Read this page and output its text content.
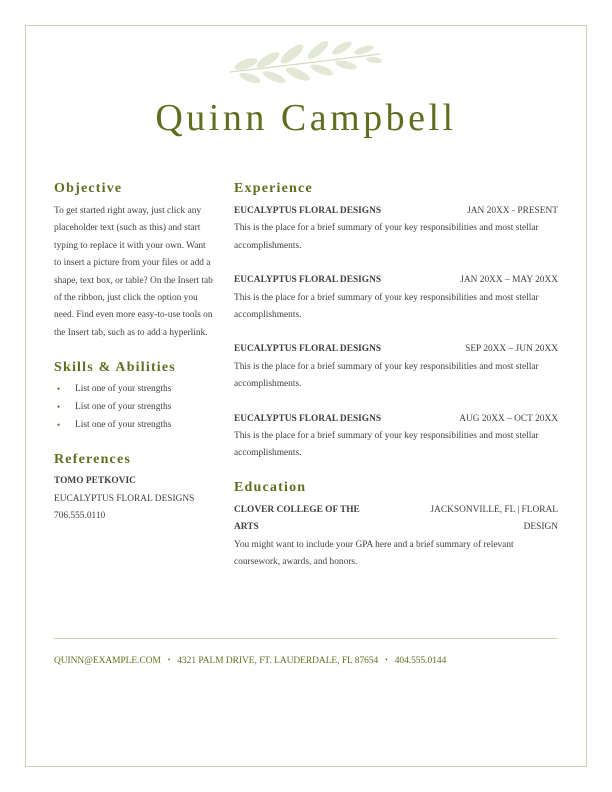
Quinn Campbell
Objective

To get started right away, just click any placeholder text (such as this) and start typing to replace it with your own. Want to insert a picture from your files or add a shape, text box, or table? On the Insert tab of the ribbon, just click the option you need. Find even more easy-to-use tools on the Insert tab, such as to add a hyperlink.

Skills & Abilities
• List one of your strengths
• List one of your strengths
• List one of your strengths
References
TOMO PETKOVIC
EUCALYPTUS FLORAL DESIGNS
706.555.0110
Experience
EUCALYPTUS FLORAL DESIGNS	JAN 20XX - PRESENT

This is the place for a brief summary of your key responsibilities and most stellar accomplishments.

EUCALYPTUS FLORAL DESIGNS	JAN 20XX – MAY 20XX

This is the place for a brief summary of your key responsibilities and most stellar accomplishments.

EUCALYPTUS FLORAL DESIGNS	SEP 20XX – JUN 20XX

This is the place for a brief summary of your key responsibilities and most stellar accomplishments.

EUCALYPTUS FLORAL DESIGNS	AUG 20XX – OCT 20XX

This is the place for a brief summary of your key responsibilities and most stellar accomplishments.

Education
CLOVER COLLEGE OF THE ARTS
JACKSONVILLE, FL | FLORAL DESIGN

You might want to include your GPA here and a brief summary of relevant coursework, awards, and honors.

QUINN@EXAMPLE.COM • 4321 PALM DRIVE, FT. LAUDERDALE, FL 87654 • 404.555.0144
